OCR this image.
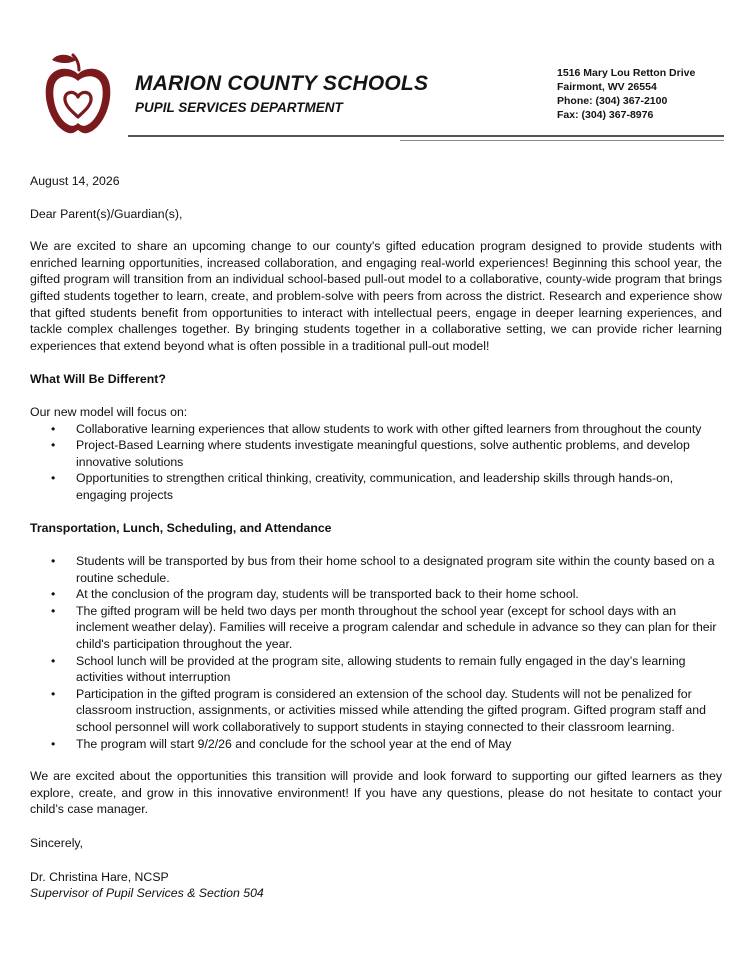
MARION COUNTY SCHOOLS
PUPIL SERVICES DEPARTMENT
1516 Mary Lou Retton Drive
Fairmont, WV 26554
Phone: (304) 367-2100
Fax: (304) 367-8976

August 14, 2026

Dear Parent(s)/Guardian(s),

We are excited to share an upcoming change to our county's gifted education program designed to provide students with enriched learning opportunities, increased collaboration, and engaging real-world experiences! Beginning this school year, the gifted program will transition from an individual school-based pull-out model to a collaborative, county-wide program that brings gifted students together to learn, create, and problem-solve with peers from across the district. Research and experience show that gifted students benefit from opportunities to interact with intellectual peers, engage in deeper learning experiences, and tackle complex challenges together. By bringing students together in a collaborative setting, we can provide richer learning experiences that extend beyond what is often possible in a traditional pull-out model!

What Will Be Different?

Our new model will focus on:

• Collaborative learning experiences that allow students to work with other gifted learners from throughout the county
• Project-Based Learning where students investigate meaningful questions, solve authentic problems, and develop innovative solutions
• Opportunities to strengthen critical thinking, creativity, communication, and leadership skills through hands-on, engaging projects

Transportation, Lunch, Scheduling, and Attendance

• Students will be transported by bus from their home school to a designated program site within the county based on a routine schedule.
• At the conclusion of the program day, students will be transported back to their home school.
• The gifted program will be held two days per month throughout the school year (except for school days with an inclement weather delay). Families will receive a program calendar and schedule in advance so they can plan for their child's participation throughout the year.
• School lunch will be provided at the program site, allowing students to remain fully engaged in the day’s learning activities without interruption
• Participation in the gifted program is considered an extension of the school day. Students will not be penalized for classroom instruction, assignments, or activities missed while attending the gifted program. Gifted program staff and school personnel will work collaboratively to support students in staying connected to their classroom learning.
• The program will start 9/2/26 and conclude for the school year at the end of May

We are excited about the opportunities this transition will provide and look forward to supporting our gifted learners as they explore, create, and grow in this innovative environment! If you have any questions, please do not hesitate to contact your child’s case manager.

Sincerely,

Dr. Christina Hare, NCSP

Supervisor of Pupil Services & Section 504
